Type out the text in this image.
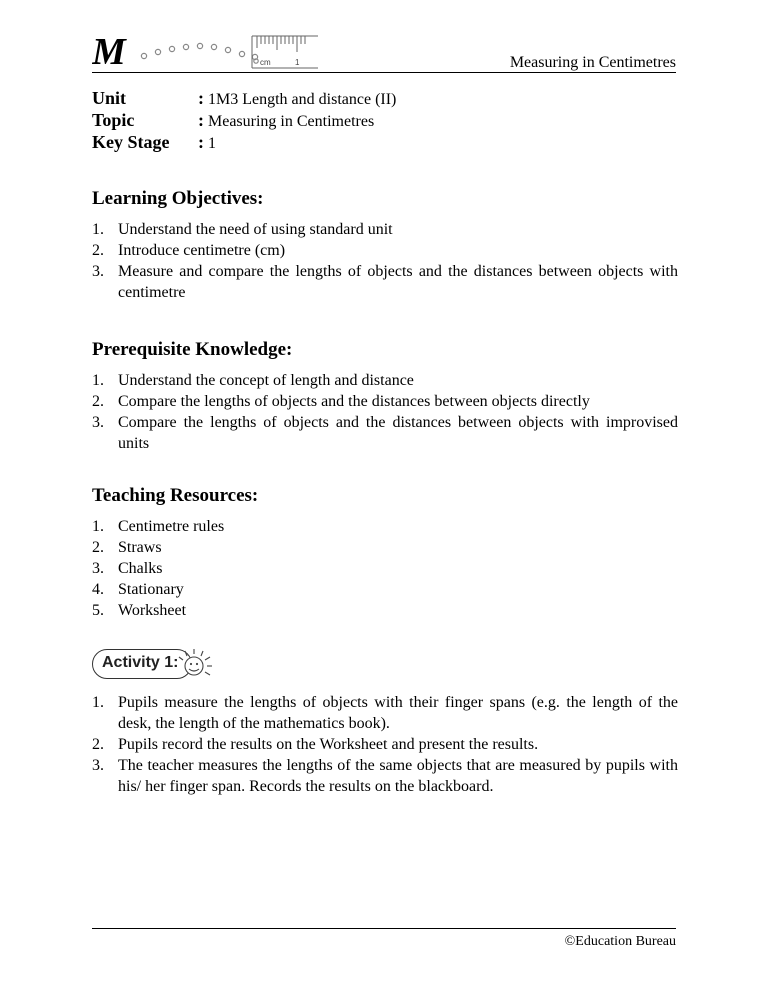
M	cm	1	Measuring in Centimetres
Unit	: 1M3 Length and distance (II)
Topic	: Measuring in Centimetres
Key Stage	: 1
Learning Objectives:
1. Understand the need of using standard unit
2. Introduce centimetre (cm)
3. Measure and compare the lengths of objects and the distances between objects with centimetre
Prerequisite Knowledge:
1. Understand the concept of length and distance
2. Compare the lengths of objects and the distances between objects directly
3. Compare the lengths of objects and the distances between objects with improvised units
Teaching Resources:
1. Centimetre rules
2. Straws
3. Chalks
4. Stationary
5. Worksheet
Activity 1:
1. Pupils measure the lengths of objects with their finger spans (e.g. the length of the desk, the length of the mathematics book).
2. Pupils record the results on the Worksheet and present the results.
3. The teacher measures the lengths of the same objects that are measured by pupils with his/ her finger span. Records the results on the blackboard.
©Education Bureau
